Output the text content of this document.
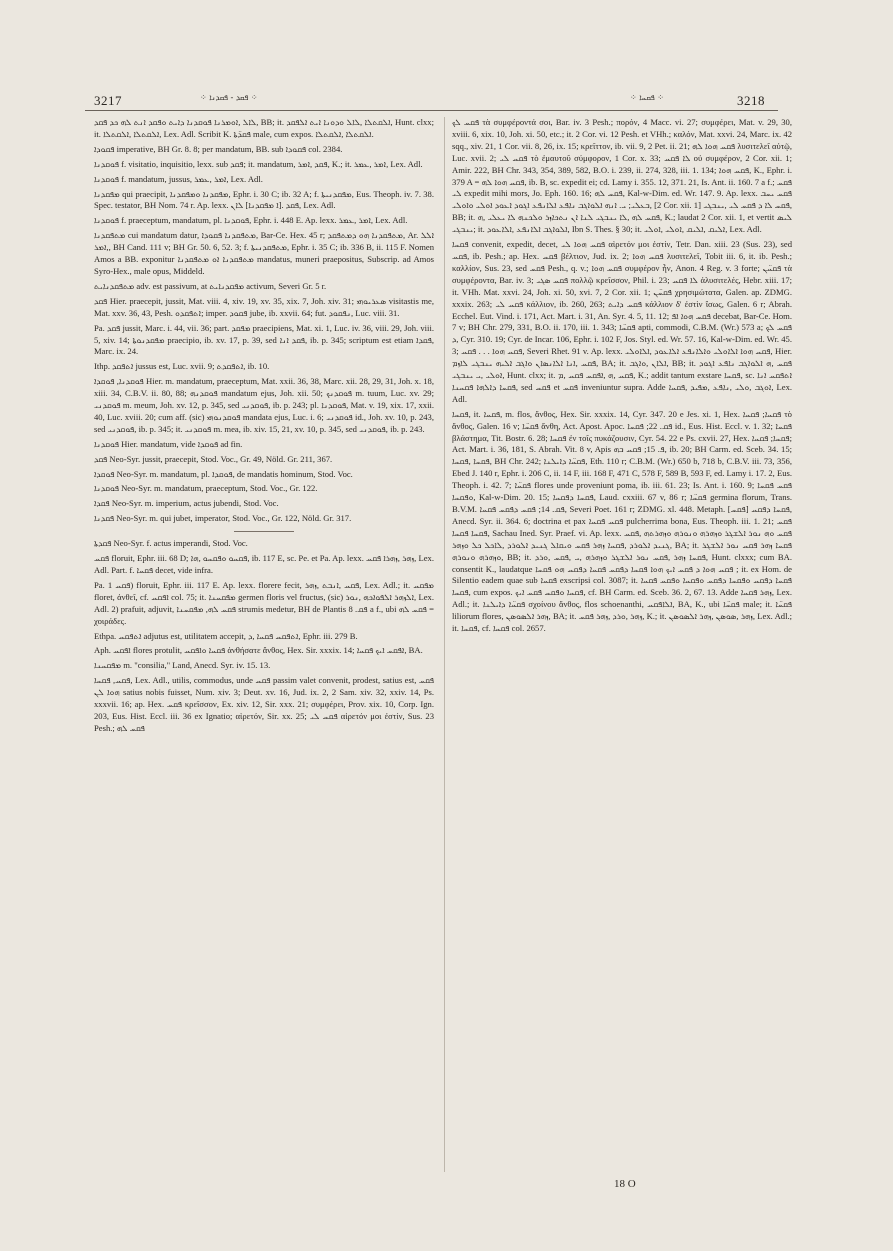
3217	⁘ ܦܩܕ - ܦܩܕܢܐ ⁘	⁘ ܦܩܚܐ ⁘	3218

ܠܐܠ ,ܐܘܡܪܢܐ ܦܘܩܕܢܐ ܕܐܝܬ ܘܦܩܕ ܐܢܬ ܠܗ ܟܕ ܦܩܕ, BB; it. ܐܠܩܬܠܐ ,ܠܐܠ ܘܕܘܢܐ ܐܝܬ ܐܠܦܩܕ, Hunt. clxx; it. ܐܠܩܬܠܐ ,ܐܠܩܬܠܐ, Lex. Adl. Scribit K. ܦܩܕ̈ܬܐ male, cum expos. ܐܠܩܬܠܐ ,ܐܠܩܬܠܐ.

ܦܩܘܕܐ imperative, BH Gr. 8. 8; per mandatum, BB. sub ܦܩܘܕܐ col. 2384.

ܦܘܩܕܢܐ f. visitatio, inquisitio, lexx. sub ܦܩܕ; it. mandatum, ܦܩܕ ,ܐܡܪ, K.; it. ܐܡܪ ,ܥܡܪ, Lex. Adl.

ܦܘܩܕܢܐ f. mandatum, jussus, ܐܡܪ ,ܥܡܪ, Lex. Adl.

ܡܦܩܕܢܐ qui praecipit, ܡܦܩܕܢܐ ܘܡܦܩܕܢܐ, Ephr. i. 30 C; ib. 32 A; f. ܡܦܩܕܢܝܬܐ, Eus. Theoph. iv. 7. 38. Spec. testator, BH Nom. 74 r. Ap. lexx. ܦܩܕ .[ܐ ܡܦܩܕܢܐ] ܠܐܢ, Lex. Adl.

ܦܘܩܕܢܐ f. praeceptum, mandatum, pl. ܦܘܩܕܢܐ, Ephr. i. 448 E. Ap. lexx. ܐܡܪ ,ܥܡܪ, Lex. Adl.

ܡܬܦܩܕܢܐ cui mandatum datur, ܡܬܦܩܕܢܐ ܦܩܘܕܐ, Bar-Ce. Hex. 45 r; ܡܬܦܩܕܢܐ ܗܘ ܕܡܬܦܩܕ, Ar. ܐܠܠ ,ܐܡܪ, BH Cand. 111 v; BH Gr. 50. 6, 52. 3; f. ܡܬܦܩܕܢܝܬܐ, Ephr. i. 35 C; ib. 336 B, ii. 115 F. Nomen Amos a BB. exponitur ܡܬܦܩܕܢܐ ܐܘ ܡܬܦܩܕܢܐ mandatus, muneri praepositus, Subscrip. ad Amos Syro-Hex., male opus, Middeld.

ܡܬܦܩܕܢܐܝܬ adv. est passivum, at ܡܦܩܕܢܐܝܬ activum, Severi Gr. 5 r.

ܦܩܕ Hier. praecepit, jussit, Mat. viii. 4, xiv. 19, xv. 35, xix. 7, Joh. xiv. 31; ܣܥܪܝܘܗܝ visitastis me, Mat. xxv. 36, 43, Pesh. ܐܬܦܩܕܘ; imper. ܦܩܘܕ jube, ib. xxvii. 64; fut. ܢܦܩܘܕ, Luc. viii. 31.

Pa. ܦܩܕ jussit, Marc. i. 44, vii. 36; part. ܡܦܩܕ praecipiens, Mat. xi. 1, Luc. iv. 36, viii. 29, Joh. viii. 5, xiv. 14; ܡܦܩܕܢܘܬܐ praecipio, ib. xv. 17, p. 39, sed ܦܩܕ ܐܢܐ, ib. p. 345; scriptum est etiam ܦܩܕܐ, Marc. ix. 24.

Ithp. ܐܬܦܩܕ jussus est, Luc. xvii. 9; ܐܬܦܩܕܬ, ib. 10.

ܦܘܩܕܢܐ, ܦܘܩܕܐ Hier. m. mandatum, praeceptum, Mat. xxii. 36, 38, Marc. xii. 28, 29, 31, Joh. x. 18, xiii. 34, C.B.V. ii. 80, 88; ܦܘܩܕܢܗ mandatum ejus, Joh. xii. 50; ܦܘܩܕܢܟ m. tuum, Luc. xv. 29; ܦܘܩܕܢܝ m. meum, Joh. xv. 12, p. 345, sed ܦܘܩܕܢܝ, ib. p. 243; pl. ܦܘܩܕܢܐ, Mat. v. 19, xix. 17, xxii. 40, Luc. xviii. 20; cum aff. (sic) ܦܘܩܕܢܘܗܝ mandata ejus, Luc. i. 6; ܦܘܩܕܢܝ id., Joh. xv. 10, p. 243, sed ܦܘܩܕܢܝ, ib. p. 345; it. ܦܘܩܕܢܝ m. mea, ib. xiv. 15, 21, xv. 10, p. 345, sed ܦܘܩܕܢܝ, ib. p. 243.

ܦܘܩܕܢܐ Hier. mandatum, vide ܦܘܩܕܐ ad fin.

ܦܩܕ Neo-Syr. jussit, praecepit, Stod. Voc., Gr. 49, Nöld. Gr. 211, 367.

ܦܘܩܕܐ Neo-Syr. m. mandatum, pl. ܦܘܩܕܐ, de mandatis hominum, Stod. Voc.

ܦܘܩܕܢܐ Neo-Syr. m. mandatum, praeceptum, Stod. Voc., Gr. 122.

ܦܩܕܐ Neo-Syr. m. imperium, actus jubendi, Stod. Voc.

ܦܩܕܢܐ Neo-Syr. m. qui jubet, imperator, Stod. Voc., Gr. 122, Nöld. Gr. 317.

ܦܩܕܬܐ Neo-Syr. f. actus imperandi, Stod. Voc.

ܦܩܚ floruit, Ephr. iii. 68 D; ܦܩܚܘ ܘܦܩܚܘ ,ܗܐ, ib. 117 E, sc. Pe. et Pa. Ap. lexx. ܙܗܪ ,ܙܗܪܐ ܦܩܚ, Lex. Adl. Part. f. ܦܩܚܐ decet, vide infra.

Pa. ܦܩܚ 1) floruit, Ephr. iii. 117 E. Ap. lexx. florere fecit, ܦܩܚ ,ܐܢܒܬ ,ܙܗܪ, Lex. Adl.; it. ܡܦܩܚ floret, ἀνθεῖ, cf. ܐܦܩܚ col. 75; it. ܡܦܩܚܢܐ germen floris vel fructus, (sic) ܐܠܙܗܪ ܐܠܦܘܐܟܗ ,ܢܘܪ, Lex. Adl. 2) prafuit, adjuvit, ܦܩܚ ܠܗ, ܡܦܩܚܢܐ strumis medetur, BH de Plantis ܦܩ. 8 a f., ubi ܦܩܚ ܠܗ = χοιράδες.

Ethpa. ܐܬܦܩܚ adjutus est, utilitatem accepit, ܐܬܦܩܚ ܦܩܚܐ ,ܕ, Ephr. iii. 279 B.

Aph. ܐܦܩܚ flores protulit, ܦܩܚܐ ܘܐܦܩܚ ἀνθήσατε ἄνθος, Hex. Sir. xxxix. 14; ܐܦܩܚ ܐܝܟ ܦܩܚܐ, BA.

ܡܦܩܚܢܐ m. "consilia," Land, Anecd. Syr. iv. 15. 13.

ܦܩܚ, ܦܩܚܐ, Lex. Adl., utilis, commodus, unde ܦܩܚ passim valet convenit, prodest, satius est, ܦܩܚ ܗܘܐ ܠܢ satius nobis fuisset, Num. xiv. 3; Deut. xv. 16, Jud. ix. 2, 2 Sam. xiv. 32, xxiv. 14, Ps. xxxvii. 16; ap. Hex. ܦܩܚ κρεῖσσον, Ex. xiv. 12, Sir. xxx. 21; συμφέρει, Prov. xix. 10, Corp. Ign. 203, Eus. Hist. Eccl. iii. 36 ex Ignatio; αἱρετόν, Sir. xx. 25; ܦܩܚ ܠܝ αἱρετόν μοι ἐστίν, Sus. 23 Pesh.; ܦܩܚ ܠܗ

ܦܩܚ ܠܟ τὰ συμφέροντά σοι, Bar. iv. 3 Pesh.; πορόν, 4 Macc. vi. 27; συμφέρει, Mat. v. 29, 30, xviii. 6, xix. 10, Joh. xi. 50, etc.; it. 2 Cor. vi. 12 Pesh. et VHh.; καλόν, Mat. xxvi. 24, Marc. ix. 42 sqq., xiv. 21, 1 Cor. vii. 8, 26, ix. 15; κρεῖττον, ib. vii. 9, 2 Pet. ii. 21; ܦܩܚ ܗܘܐ ܠܗ λυσιτελεῖ αὐτῷ, Luc. xvii. 2; ܦܩܚ ܠܝ τὸ ἐμαυτοῦ σύμφορον, 1 Cor. x. 33; ܠܐ ܦܩܚ οὐ συμφέρον, 2 Cor. xii. 1; Amir. 222, BH Chr. 343, 354, 389, 582, B.O. i. 239, ii. 274, 328, iii. 1. 134; ܦܩܚ ܗܘܐ, K., Ephr. i. 379 A = ܦܩܚ ܗܘܐ ܠܗ, ib. B, sc. expedit ei; cd. Lamy i. 355. 12, 371. 21, Is. Ant. ii. 160. 7 a f.; ܦܩܚ ܠܝ expedit mihi mors, Jo. Eph. 160. 16; ܦܩܚ ܠܗ, Kal-w-Dim. ed. Wr. 147. 9. Ap. lexx. ܦܩܚ ܝܚܒ ,ܒܥܠܝ; ܝ. ܐܢܗ ܐܠܘܐܓܒ ܢܐܦܥ ܐܠܐܢܦܥ ܐܓܘܕ ܐܥܘܕ ܐܘܠܝ ܘܐܘܠܝ [2 Cor. xii. 1] ܦܩܚ ܠܐ ܕ ܦܩܚ ܠܝ ,ܝܢܒܓܝ, BB; it. ܦܩܚ ܠܗ ,ܠܐ ܝܢܒܓܝ ܠܢܐ ܐܢ ܢܬܟܐܙܪ ܘܠܟܢܗ ܠܐ ܝܥܠܝ ,ܗ, K.; laudat 2 Cor. xii. 1, et vertit ܠܝܣ ܝܢܒܓܝ; it. ܐܠܘܐܓܒ ܐܠܐܢܦܥ ,ܐܠܐܥܘܕ, Ibn S. Thes. § 30; it. ܐܠܝܩ ,ܐܠܝܩ ,ܐܘܠܝ ,ܐܘܠܝ, Lex. Adl.

ܦܩܚܐ convenit, expedit, decet, ܦܩܚ ܗܘܐ ܠܝ αἱρετόν μοι ἐστίν, Tetr. Dan. xiii. 23 (Sus. 23), sed ܦܩܚ, ib. Pesh.; ap. Hex. ܦܩܚ βέλτιον, Jud. ix. 2; ܦܩܚ ܗܘܐ λυσιτελεῖ, Tobit iii. 6, it. ib. Pesh.; καλλίον, Sus. 23, sed ܦܩܚ Pesh., q. v.; ܦܩܚ ܗܘܐ συμφέρον ἦν, Anon. 4 Reg. v. 3 forte; ܦܩܚ̈ܢ τὰ συμφέροντα, Bar. iv. 3; ܦܩܚ ܣܓܝ πολλῷ κρεῖσσον, Phil. i. 23; ܠܐ ܦܩܚ ἀλυσιτελές, Hebr. xiii. 17; it. VHh. Mat. xxvi. 24, Joh. xi. 50, xvi. 7, 2 Cor. xii. 1; ܦܩܚ̈ܢ χρησιμώτατα, Galen. ap. ZDMG. xxxix. 263; ܦܩܚ ܠܝ κάλλιον, ib. 260, 263; ܦܩܚ ܕܐܝܬ κάλλιον δ' ἐστὶν ἴσως, Galen. 6 r; Abrah. Ecchel. Eut. Vind. i. 171, Act. Mart. i. 31, An. Syr. 4. 5, 11. 12; ܦܩܚ ܗܘܐ ܐܦ decebat, Bar-Ce. Hom. 7 v; BH Chr. 279, 331, B.O. ii. 170, iii. 1. 343; ܦܩܚ̈ܐ apti, commodi, C.B.M. (Wr.) 573 a; ܦܩܚ ܠܟ ܕ, Cyr. 310. 19; Cyr. de Incar. 106, Ephr. i. 102 F, Jos. Styl. ed. Wr. 57. 16, Kal-w-Dim. ed. Wr. 45. 3; ܦܩܚ ܗܘܐ . . . ܦܩܚ, Severi Rhet. 91 v. Ap. lexx. ܦܩܚ ܗܘܐ ܐܠܐܘܠܝ ܘܐܠܐܢܦܥ ܐܠܐܥܘܕ ,ܐܠܐܘܠܝ, Hier. ܦܩܚ ,ܐܢܐ ܐܠܐܢܣܐܢ ܘܐܓܒ ܐܠܝܗ ܝܢܒܓܝ ܠܐܙܡ, BA; it. ܐܠܐܢ ,ܘܐܓܒ, BB; it. ܦܩܚ ,ܗ ܐܠܘܐܓܒ ܢܐܦܥ ܐܓܘܕ ܐܘܠܝ ,ܝ ܝܢܒܓܝ, Hunt. clxx; it. ܦܩܚ ,ܗ ,ܐܦܩܚ ܦܩܚ ,ܡ, K.; addit tantum exstare ܦܩܚܐ, sc. ܐܬܦܩܚ ܐܢܐ ܦܩܚܐ ܕܐܠܗܐ ܦܩܚܢܐ, sed ܦܩܚ et ܦܩܚ inveniuntur supra. Adde ܐܘܓܒ ,ܘܠܝ ,ܢܐܦܥ ,ܡܦܝܕ ,ܦܩܚܐ, Lex. Adl.

ܦܩܚܐ, it. ܦܩܚܐ, m. flos, ἄνθος, Hex. Sir. xxxix. 14, Cyr. 347. 20 e Jes. xi. 1, Hex. ܦܩܚܐ; ܦܩܚܐ τὸ ἄνθος, Galen. 16 v; ܦܩܚ̈ܐ ἄνθη, Act. Apost. Apoc. ܦܩ. 22; ܦܩܚܐ id., Eus. Hist. Eccl. v. 1. 32; ܦܩܚܐ βλάστημα, Tit. Bostr. 6. 28; ܦܩܚܐ ἐν τοῖς πυκάζουσιν, Cyr. 54. 22 e Ps. cxvii. 27, Hex. ܦܩܚܐ; ܦܩܚܐ; Act. Mart. i. 36, 181, S. Abrah. Vit. 8 v, Apis ܦ. 15; ܦܩܚ ܒܗ, ib. 20; BH Carm. ed. Sceb. 34. 15; ܦܩܚܐ ,ܦܩܚܐ, BH Chr. 242; ܦܩܚ̈ܐ ܕܐܝܠܢܐ, Eth. 110 r; C.B.M. (Wr.) 650 b, 718 b, C.B.V. iii. 73, 356, Ebed J. 140 r, Ephr. i. 206 C, ii. 14 F, iii. 168 F, 471 C, 578 F, 589 B, 593 F, ed. Lamy i. 17. 2, Eus. Theoph. i. 42. 7; ܦܩܚ̈ܐ flores unde proveniunt poma, ib. iii. 61. 23; Is. Ant. i. 160. 9; ܦܩܚ ܦܩܚܐ ܘܦܩܚܐ, Kal-w-Dim. 20. 15; ܦܩܚܐ ܕܦܩܚܐ, Laud. cxxiii. 67 v, 86 r; ܦܩܚ̈ܐ germina florum, Trans. B.V.M. ܦܩ. 14; ܦܩܚ ܕܦܩܚ ܦܩܚܐ, Severi Poet. 161 r; ZDMG. xl. 448. Metaph. [ܦܩܚ] ܦܩܚܐ ܕܦܩܚ, Anecd. Syr. ii. 364. 6; doctrina et pax ܦܩܚ ܦܩܚܐ pulcherrima bona, Eus. Theoph. iii. 1. 21; ܦܩܚ ܦܩܚܐ ܦܩܚܐ, Sachau Ined. Syr. Praef. vi. Ap. lexx. ܦܩܚ ܘܗ ܢܘܪ ܐܠܫܓܪ ܘܙܗܪܗ ܘܢܘܪܗ ܘܙܗܪܬܗ ,ܦܩܚ ܓܢܝܕ ܐܠܘܪܕ ,ܦܩܚܐ ܙܗܪ ܦܩܚ ܘܝܩܐܠ ܓܢܝܕ ܐܠܘܪܕ ,ܠܐܟܠ ܟܠ ܘܙܗܪ, BA; it. ܦܩܚܐ ܙܗܪ ܦܩܚ ܢܘܪ ܐܠܫܓܪ ܘܙܗܪܗ ܘܢܘܪܗ, BB; it. ܦܩܚܐ ܙܗܪ ,ܦܩܚ ܢܘܪ ܐܠܫܓܪ ܘܙܗܪܗ ,ܝ ,ܦܩܚ ,ܘܪܕ, Hunt. clxxx; cum BA. consentit K., laudatque ܦܩܚ ܗܘܐ ܕ ܦܩܚ ܐܝܟ ܗܘܐ ܦܩܚܐ ܕܦܩܚ ܦܩܚܐ ܕܦܩܚ ܗܘ ܦܩܚܐ ; it. ex Hom. de Silentio eadem quae sub ܦܩܚܐ exscripsi col. 3087; it. ܦܩܚܐ ܕܦܩܚ ܘܦܩܚܐ ܕܦܩܚ ܘܦܩܚܐ ܘܦܩܚ ܦܩܚܐ ,ܦܩܚܐ cum expos. ܦܩܚܐ ܘܦܩܚ ܦܩܚ ܐܝܟ, cf. BH Carm. ed. Sceb. 36. 2, 67. 13. Adde ܙܗܪ ܦܩܚܐ, Lex. Adl.; it. ܦܩܚ̈ܐ ܕܐܝܠܢܐ σχοίνου ἄνθος, flos schoenanthi, ܐܠܐܦܩܚ, BA, K., ubi ܦܩܚ̈ܐ male; it. ܦܩܚ̈ܐ liliorum flores, ܙܗܪ ܐܠܣܘܣܢ, BA; it. ܙܗܪ ,ܘܪܕ ,ܙܗܪ ܦܩܚ, K.; it. ܙܗܪ ,ܣܘܣܢ ,ܙܗܪ ܐܠܣܘܣܢ, Lex. Adl.; it. ܦܩܚܐ, cf. ܦܩܚܐ col. 2657.

18 O
